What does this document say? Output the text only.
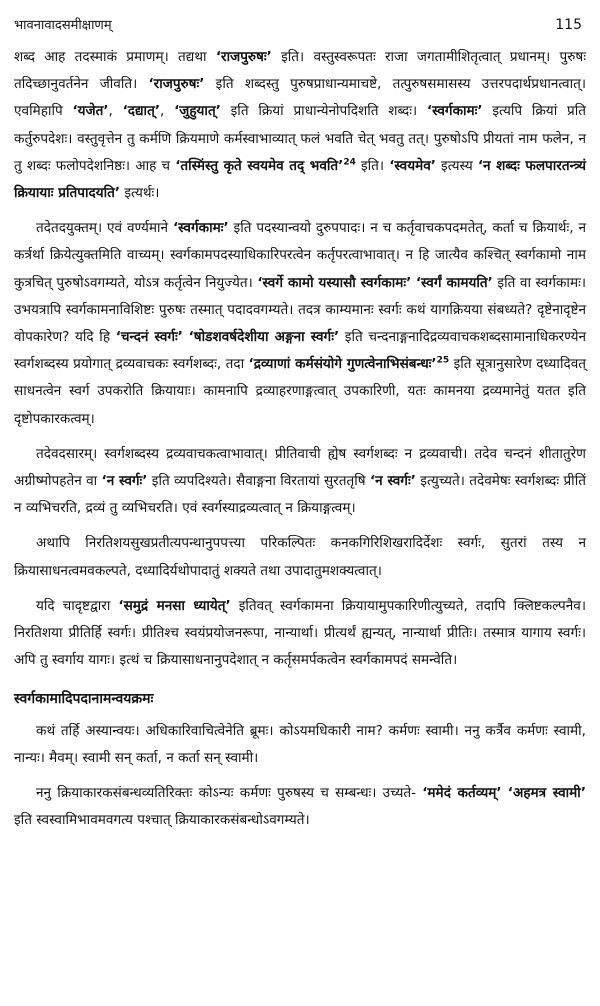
भावनावादसमीक्षाणम्	115

शब्द आह तदस्माकं प्रमाणम्। तद्यथा ‘राजपुरुषः’ इति। वस्तुस्वरूपतः राजा जगतामीशितृत्वात् प्रधानम्। पुरुषः तदिच्छानुवर्तनेन जीवति। ‘राजपुरुषः’ इति शब्दस्तु पुरुषप्राधान्यमाचष्टे, तत्पुरुषसमासस्य उत्तरपदार्थप्रधानत्वात्। एवमिहापि ‘यजेत’, ‘दद्यात्’, ‘जुहुयात्’ इति क्रियां प्राधान्येनोपदिशति शब्दः। ‘स्वर्गकामः’ इत्यपि क्रियां प्रति कर्तुरुपदेशः। वस्तुवृत्तेन तु कर्मणि क्रियमाणे कर्मस्वाभाव्यात् फलं भवति चेत् भवतु तत्। पुरुषोऽपि प्रीयतां नाम फलेन, न तु शब्दः फलोपदेशनिष्ठः। आह च ‘तस्मिंस्तु कृते स्वयमेव तद् भवति’$^{24}$ इति। ‘स्वयमेव’ इत्यस्य ‘न शब्दः फलपारतन्त्र्यं क्रियायाः प्रतिपादयति’ इत्यर्थः।

तदेतदयुक्तम्। एवं वर्ण्यमाने ‘स्वर्गकामः’ इति पदस्यान्वयो दुरुपपादः। न च कर्तृवाचकपदमतेत्, कर्ता च क्रियार्थः, न कर्त्रर्था क्रियेत्युक्तमिति वाच्यम्। स्वर्गकामपदस्याधिकारिपरत्वेन कर्तृपरत्वाभावात्। न हि जात्यैव कश्चित् स्वर्गकामो नाम कुत्रचित् पुरुषोऽवगम्यते, योऽत्र कर्तृत्वेन नियुज्येत। ‘स्वर्गे कामो यस्यासौ स्वर्गकामः’ ‘स्वर्गं कामयति’ इति वा स्वर्गकामः। उभयत्रापि स्वर्गकामनाविशिष्टः पुरुषः तस्मात् पदादवगम्यते। तदत्र काम्यमानः स्वर्गः कथं यागक्रियया संबध्यते? दृष्टेनादृष्टेन वोपकारेण? यदि हि ‘चन्दनं स्वर्गः’ ‘षोडशवर्षदेशीया अङ्गना स्वर्गः’ इति चन्दनाङ्गनादिद्रव्यवाचकशब्दसामानाधिकरण्येन स्वर्गशब्दस्य प्रयोगात् द्रव्यवाचकः स्वर्गशब्दः, तदा ‘द्रव्याणां कर्मसंयोगे गुणत्वेनाभिसंबन्धः’$^{25}$ इति सूत्रानुसारेण दध्यादिवत् साधनत्वेन स्वर्ग उपकरोति क्रियायाः। कामनापि द्रव्याहरणाङ्गत्वात् उपकारिणी, यतः कामनया द्रव्यमानेतुं यतत इति दृष्टोपकारकत्वम्।

तदेवदसारम्। स्वर्गशब्दस्य द्रव्यवाचकत्वाभावात्। प्रीतिवाची ह्येष स्वर्गशब्दः न द्रव्यवाची। तदेव चन्दनं शीतातुरेण अग्रीष्मोपहतेन वा ‘न स्वर्गः’ इति व्यपदिश्यते। सैवाङ्गना विरतायां सुरततृषि ‘न स्वर्गः’ इत्युच्यते। तदेवमेषः स्वर्गशब्दः प्रीतिं न व्यभिचरति, द्रव्यं तु व्यभिचरति। एवं स्वर्गस्याद्रव्यत्वात् न क्रियाङ्गत्वम्।

अथापि निरतिशयसुखप्रतीत्यपन्थानुपपत्त्या परिकल्पितः कनकगिरिशिखरादिर्देशः स्वर्गः, सुतरां तस्य न क्रियासाधनत्वमवकल्पते, दध्यादिर्यथोपादातुं शक्यते तथा उपादातुमशक्यत्वात्।

यदि चादृष्टद्वारा ‘समुद्रं मनसा ध्यायेत्’ इतिवत् स्वर्गकामना क्रियायामुपकारिणीत्युच्यते, तदापि क्लिष्टकल्पनैव। निरतिशया प्रीतिर्हि स्वर्गः। प्रीतिश्च स्वयंप्रयोजनरूपा, नान्यार्था। प्रीत्यर्थं ह्यन्यत्, नान्यार्था प्रीतिः। तस्मात्र यागाय स्वर्गः। अपि तु स्वर्गाय यागः। इत्थं च क्रियासाधनानुपदेशात् न कर्तृसमर्पकत्वेन स्वर्गकामपदं समन्वेति।

स्वर्गकामादिपदानामन्वयक्रमः

कथं तर्हि अस्यान्वयः। अधिकारिवाचित्वेनेति ब्रूमः। कोऽयमधिकारी नाम? कर्मणः स्वामी। ननु कर्त्रैव कर्मणः स्वामी, नान्यः। मैवम्। स्वामी सन् कर्ता, न कर्ता सन् स्वामी।

ननु क्रियाकारकसंबन्धव्यतिरिक्तः कोऽन्यः कर्मणः पुरुषस्य च सम्बन्धः। उच्यते- ‘ममेदं कर्तव्यम्’ ‘अहमत्र स्वामी’ इति स्वस्वामिभावमवगत्य पश्चात् क्रियाकारकसंबन्धोऽवगम्यते।
